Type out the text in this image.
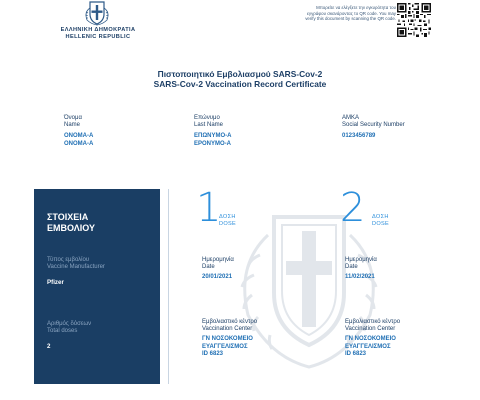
ΕΛΛΗΝΙΚΗ ΔΗΜΟΚΡΑΤΙΑ
HELLENIC REPUBLIC
Μπορείτε να ελέγξετε την εγκυρότητα του εγγράφου σκανάροντας το QR code. You may verify this document by scanning the QR code.
Πιστοποιητικό Εμβολιασμού SARS-Cov-2
SARS-Cov-2 Vaccination Record Certificate
Όνομα
Name
ONOMA-A
ONOMA-A
Επώνυμο
Last Name
ΕΠΩΝΥΜΟ-Α
EPONYMO-A
ΑΜΚΑ
Social Security Number
0123456789
ΣΤΟΙΧΕΙΑ
ΕΜΒΟΛΙΟΥ
Τύπος εμβολίου
Vaccine Manufacturer
Pfizer
Αριθμός δόσεων
Total doses
2
1
ΔΟΣΗ
DOSE
Ημερομηνία
Date
20/01/2021
Εμβολιαστικό κέντρο
Vaccination Center
ΓΝ ΝΟΣΟΚΟΜΕΙΟ
ΕΥΑΓΓΕΛΙΣΜΟΣ
ID 6823
2 ΔΟΣΗ
DOSE
Ημερομηνία
Date
11/02/2021
Εμβολιαστικό κέντρο
Vaccination Center
ΓΝ ΝΟΣΟΚΟΜΕΙΟ
ΕΥΑΓΓΕΛΙΣΜΟΣ
ID 6823
